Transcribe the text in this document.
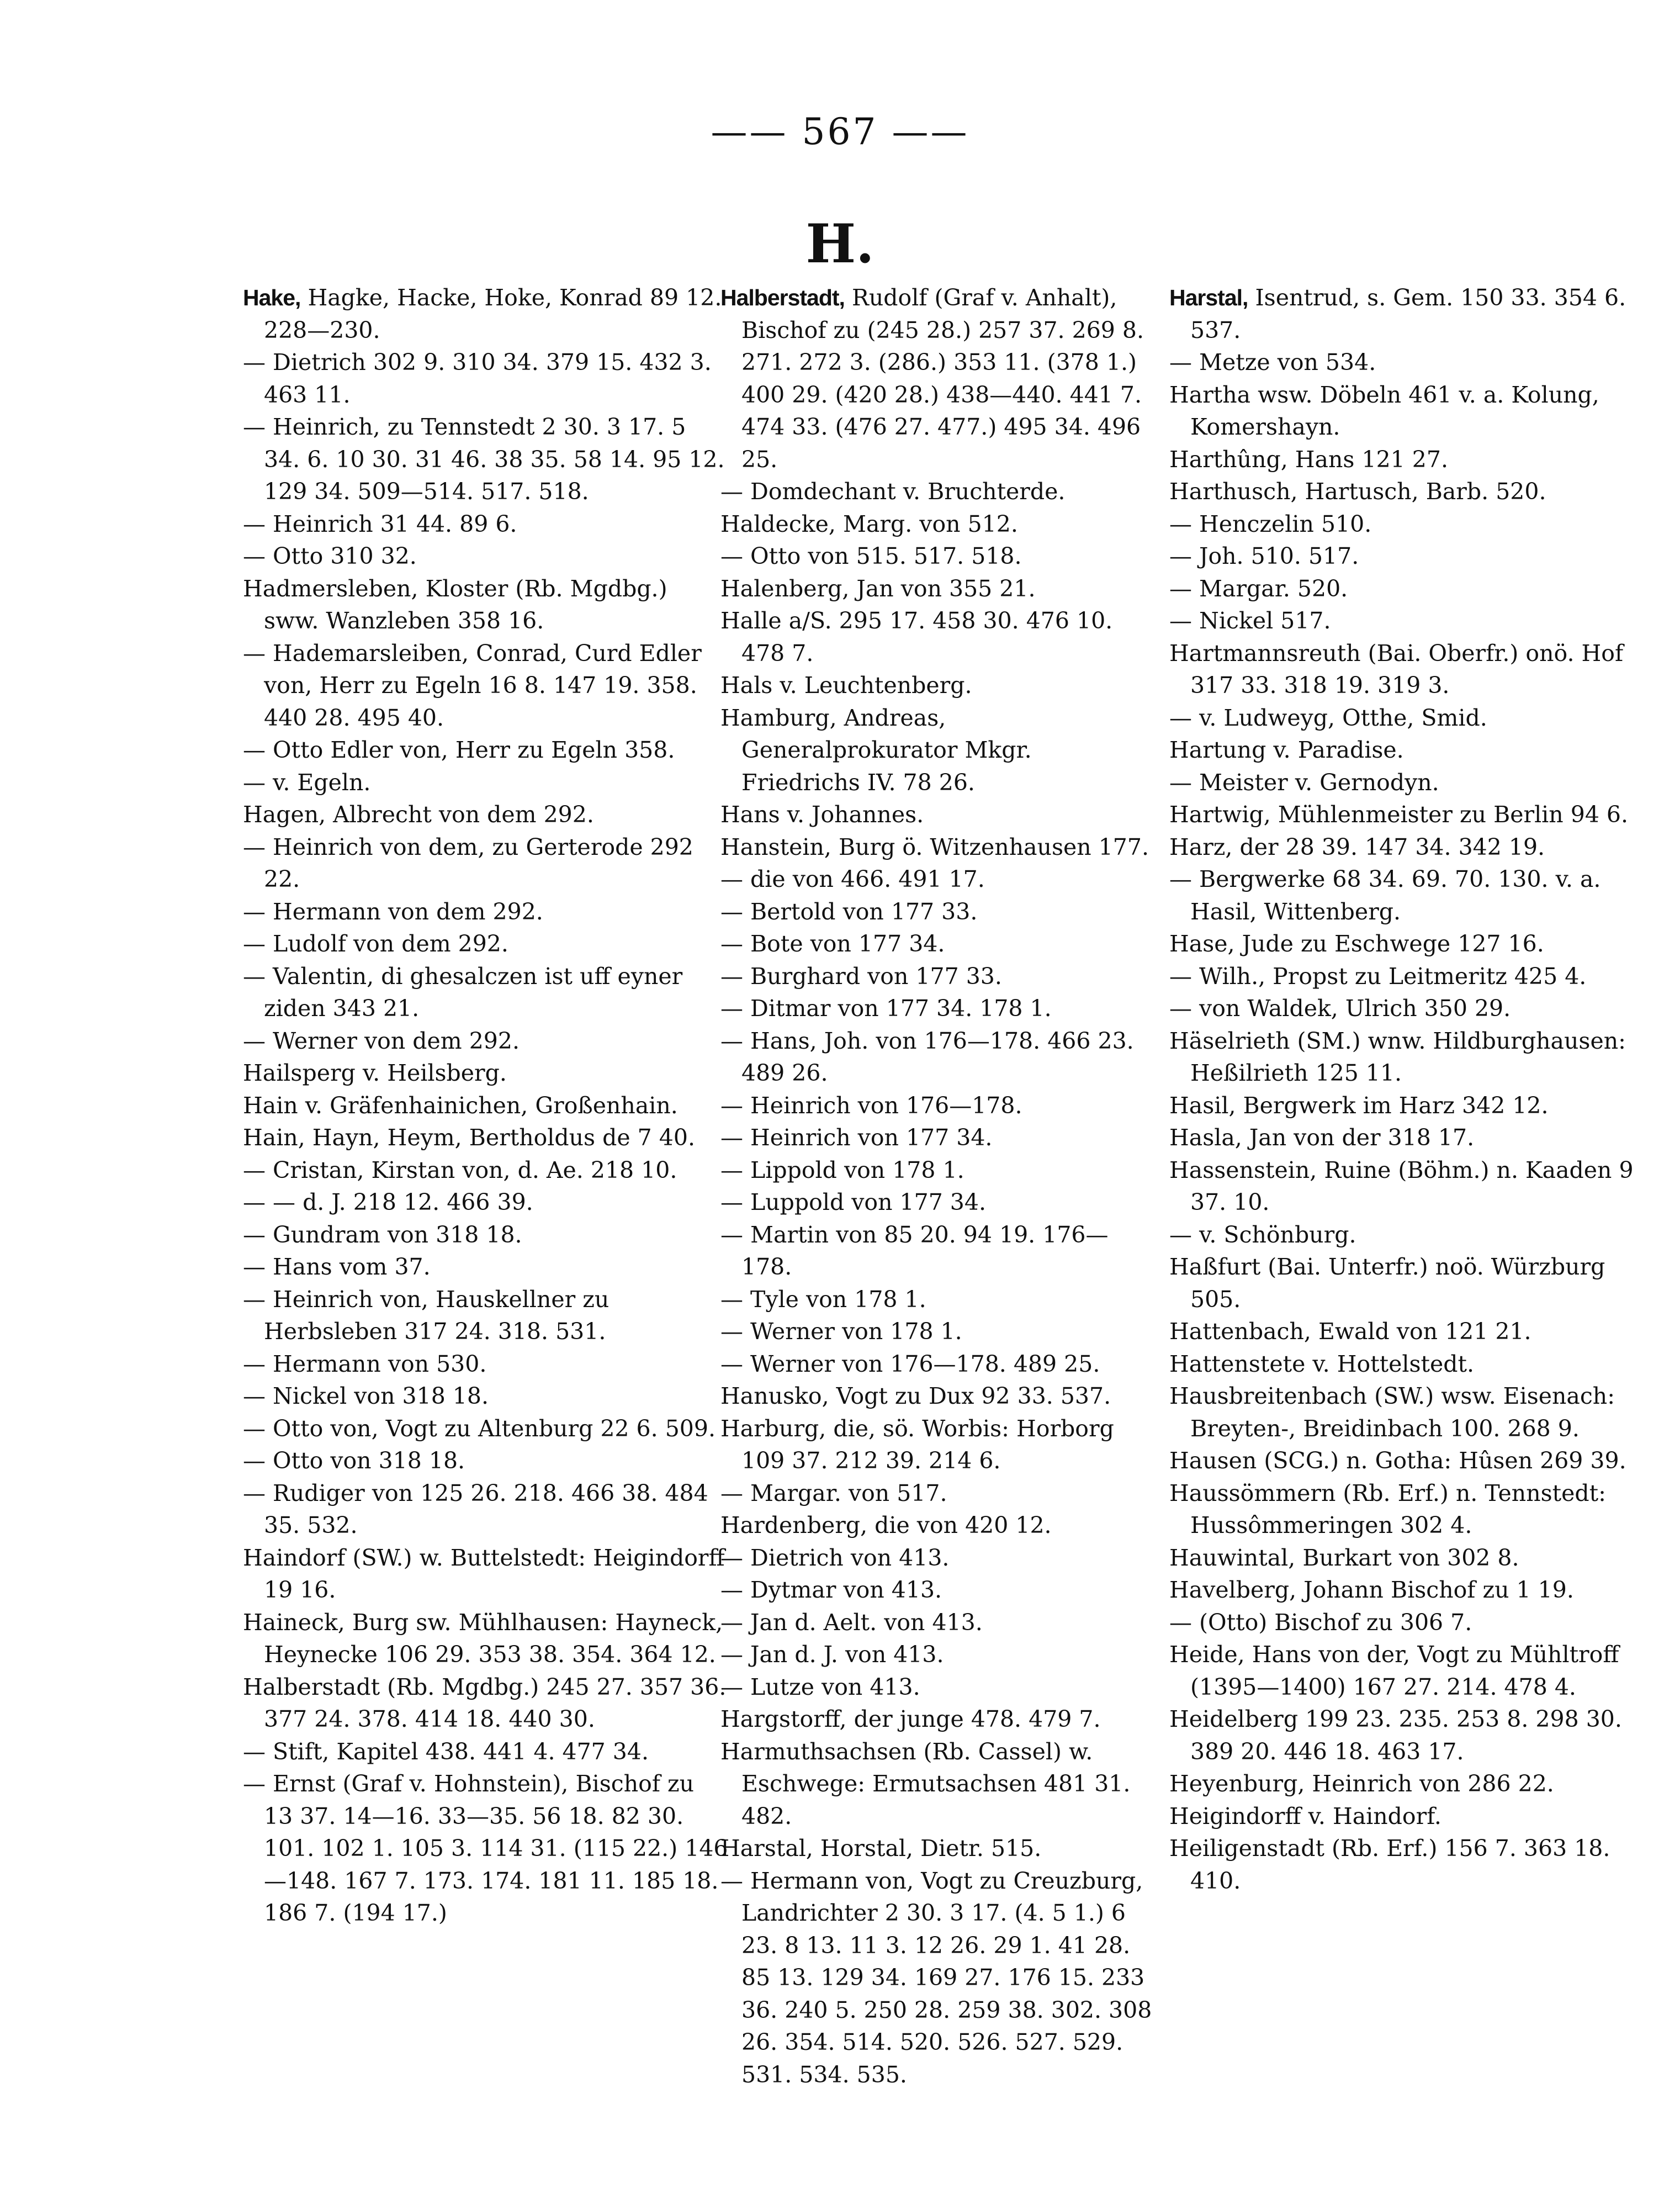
—— 567 ——
H.
Hake, Hagke, Hacke, Hoke, Konrad 89 12. 228—230.
— Dietrich 302 9. 310 34. 379 15. 432 3. 463 11.
— Heinrich, zu Tennstedt 2 30. 3 17. 5 34. 6. 10 30. 31 46. 38 35. 58 14. 95 12. 129 34. 509—514. 517. 518.
— Heinrich 31 44. 89 6.
— Otto 310 32.
Hadmersleben, Kloster (Rb. Mgdbg.) sww. Wanzleben 358 16.
— Hademarsleiben, Conrad, Curd Edler von, Herr zu Egeln 16 8. 147 19. 358. 440 28. 495 40.
— Otto Edler von, Herr zu Egeln 358.
— v. Egeln.
Hagen, Albrecht von dem 292.
— Heinrich von dem, zu Gerterode 292 22.
— Hermann von dem 292.
— Ludolf von dem 292.
— Valentin, di ghesalczen ist uff eyner ziden 343 21.
— Werner von dem 292.
Hailsperg v. Heilsberg.
Hain v. Gräfenhainichen, Großenhain.
Hain, Hayn, Heym, Bertholdus de 7 40.
— Cristan, Kirstan von, d. Ae. 218 10.
— — d. J. 218 12. 466 39.
— Gundram von 318 18.
— Hans vom 37.
— Heinrich von, Hauskellner zu Herbsleben 317 24. 318. 531.
— Hermann von 530.
— Nickel von 318 18.
— Otto von, Vogt zu Altenburg 22 6. 509.
— Otto von 318 18.
— Rudiger von 125 26. 218. 466 38. 484 35. 532.
Haindorf (SW.) w. Buttelstedt: Heigindorff 19 16.
Haineck, Burg sw. Mühlhausen: Hayneck, Heynecke 106 29. 353 38. 354. 364 12.
Halberstadt (Rb. Mgdbg.) 245 27. 357 36. 377 24. 378. 414 18. 440 30.
— Stift, Kapitel 438. 441 4. 477 34.
— Ernst (Graf v. Hohnstein), Bischof zu 13 37. 14—16. 33—35. 56 18. 82 30. 101. 102 1. 105 3. 114 31. (115 22.) 146—148. 167 7. 173. 174. 181 11. 185 18. 186 7. (194 17.)
Halberstadt, Rudolf (Graf v. Anhalt), Bischof zu (245 28.) 257 37. 269 8. 271. 272 3. (286.) 353 11. (378 1.) 400 29. (420 28.) 438—440. 441 7. 474 33. (476 27. 477.) 495 34. 496 25.
— Domdechant v. Bruchterde.
Haldecke, Marg. von 512.
— Otto von 515. 517. 518.
Halenberg, Jan von 355 21.
Halle a/S. 295 17. 458 30. 476 10. 478 7.
Hals v. Leuchtenberg.
Hamburg, Andreas, Generalprokurator Mkgr. Friedrichs IV. 78 26.
Hans v. Johannes.
Hanstein, Burg ö. Witzenhausen 177.
— die von 466. 491 17.
— Bertold von 177 33.
— Bote von 177 34.
— Burghard von 177 33.
— Ditmar von 177 34. 178 1.
— Hans, Joh. von 176—178. 466 23. 489 26.
— Heinrich von 176—178.
— Heinrich von 177 34.
— Lippold von 178 1.
— Luppold von 177 34.
— Martin von 85 20. 94 19. 176—178.
— Tyle von 178 1.
— Werner von 178 1.
— Werner von 176—178. 489 25.
Hanusko, Vogt zu Dux 92 33. 537.
Harburg, die, sö. Worbis: Horborg 109 37. 212 39. 214 6.
— Margar. von 517.
Hardenberg, die von 420 12.
— Dietrich von 413.
— Dytmar von 413.
— Jan d. Aelt. von 413.
— Jan d. J. von 413.
— Lutze von 413.
Hargstorff, der junge 478. 479 7.
Harmuthsachsen (Rb. Cassel) w. Eschwege: Ermutsachsen 481 31. 482.
Harstal, Horstal, Dietr. 515.
— Hermann von, Vogt zu Creuzburg, Landrichter 2 30. 3 17. (4. 5 1.) 6 23. 8 13. 11 3. 12 26. 29 1. 41 28. 85 13. 129 34. 169 27. 176 15. 233 36. 240 5. 250 28. 259 38. 302. 308 26. 354. 514. 520. 526. 527. 529. 531. 534. 535.
Harstal, Isentrud, s. Gem. 150 33. 354 6. 537.
— Metze von 534.
Hartha wsw. Döbeln 461 v. a. Kolung, Komershayn.
Harthûng, Hans 121 27.
Harthusch, Hartusch, Barb. 520.
— Henczelin 510.
— Joh. 510. 517.
— Margar. 520.
— Nickel 517.
Hartmannsreuth (Bai. Oberfr.) onö. Hof 317 33. 318 19. 319 3.
— v. Ludweyg, Otthe, Smid.
Hartung v. Paradise.
— Meister v. Gernodyn.
Hartwig, Mühlenmeister zu Berlin 94 6.
Harz, der 28 39. 147 34. 342 19.
— Bergwerke 68 34. 69. 70. 130. v. a. Hasil, Wittenberg.
Hase, Jude zu Eschwege 127 16.
— Wilh., Propst zu Leitmeritz 425 4.
— von Waldek, Ulrich 350 29.
Häselrieth (SM.) wnw. Hildburghausen: Heßilrieth 125 11.
Hasil, Bergwerk im Harz 342 12.
Hasla, Jan von der 318 17.
Hassenstein, Ruine (Böhm.) n. Kaaden 9 37. 10.
— v. Schönburg.
Haßfurt (Bai. Unterfr.) noö. Würzburg 505.
Hattenbach, Ewald von 121 21.
Hattenstete v. Hottelstedt.
Hausbreitenbach (SW.) wsw. Eisenach: Breyten-, Breidinbach 100. 268 9.
Hausen (SCG.) n. Gotha: Hûsen 269 39.
Haussömmern (Rb. Erf.) n. Tennstedt: Hussômmeringen 302 4.
Hauwintal, Burkart von 302 8.
Havelberg, Johann Bischof zu 1 19.
— (Otto) Bischof zu 306 7.
Heide, Hans von der, Vogt zu Mühltroff (1395—1400) 167 27. 214. 478 4.
Heidelberg 199 23. 235. 253 8. 298 30. 389 20. 446 18. 463 17.
Heyenburg, Heinrich von 286 22.
Heigindorff v. Haindorf.
Heiligenstadt (Rb. Erf.) 156 7. 363 18. 410.
